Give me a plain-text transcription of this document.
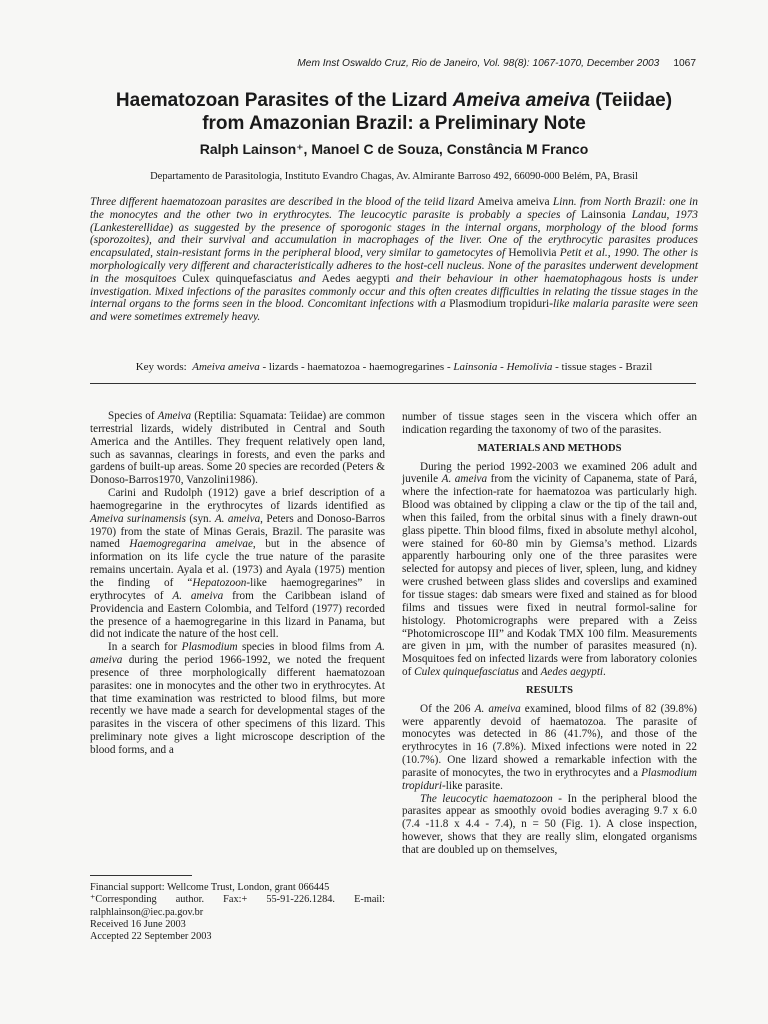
Mem Inst Oswaldo Cruz, Rio de Janeiro, Vol. 98(8): 1067-1070, December 2003 1067
Haematozoan Parasites of the Lizard Ameiva ameiva (Teiidae)
from Amazonian Brazil: a Preliminary Note
Ralph Lainson⁺, Manoel C de Souza, Constância M Franco
Departamento de Parasitologia, Instituto Evandro Chagas, Av. Almirante Barroso 492, 66090-000 Belém, PA, Brasil
Three different haematozoan parasites are described in the blood of the teiid lizard Ameiva ameiva Linn. from North Brazil: one in the monocytes and the other two in erythrocytes. The leucocytic parasite is probably a species of Lainsonia Landau, 1973 (Lankesterellidae) as suggested by the presence of sporogonic stages in the internal organs, morphology of the blood forms (sporozoites), and their survival and accumulation in macrophages of the liver. One of the erythrocytic parasites produces encapsulated, stain-resistant forms in the peripheral blood, very similar to gametocytes of Hemolivia Petit et al., 1990. The other is morphologically very different and characteristically adheres to the host-cell nucleus. None of the parasites underwent development in the mosquitoes Culex quinquefasciatus and Aedes aegypti and their behaviour in other haematophagous hosts is under investigation. Mixed infections of the parasites commonly occur and this often creates difficulties in relating the tissue stages in the internal organs to the forms seen in the blood. Concomitant infections with a Plasmodium tropiduri-like malaria parasite were seen and were sometimes extremely heavy.
Key words: Ameiva ameiva - lizards - haematozoa - haemogregarines - Lainsonia - Hemolivia - tissue stages - Brazil

Species of Ameiva (Reptilia: Squamata: Teiidae) are common terrestrial lizards, widely distributed in Central and South America and the Antilles. They frequent relatively open land, such as savannas, clearings in forests, and even the parks and gardens of built-up areas. Some 20 species are recorded (Peters & Donoso-Barros1970, Vanzolini1986).

Carini and Rudolph (1912) gave a brief description of a haemogregarine in the erythrocytes of lizards identified as Ameiva surinamensis (syn. A. ameiva, Peters and Donoso-Barros 1970) from the state of Minas Gerais, Brazil. The parasite was named Haemogregarina ameivae, but in the absence of information on its life cycle the true nature of the parasite remains uncertain. Ayala et al. (1973) and Ayala (1975) mention the finding of “Hepatozoon-like haemogregarines” in erythrocytes of A. ameiva from the Caribbean island of Providencia and Eastern Colombia, and Telford (1977) recorded the presence of a haemogregarine in this lizard in Panama, but did not indicate the nature of the host cell.

In a search for Plasmodium species in blood films from A. ameiva during the period 1966-1992, we noted the frequent presence of three morphologically different haematozoan parasites: one in monocytes and the other two in erythrocytes. At that time examination was restricted to blood films, but more recently we have made a search for developmental stages of the parasites in the viscera of other specimens of this lizard. This preliminary note gives a light microscope description of the blood forms, and a

Financial support: Wellcome Trust, London, grant 066445
⁺Corresponding author. Fax:+ 55-91-226.1284. E-mail: ralphlainson@iec.pa.gov.br
Received 16 June 2003
Accepted 22 September 2003

number of tissue stages seen in the viscera which offer an indication regarding the taxonomy of two of the parasites.

MATERIALS AND METHODS

During the period 1992-2003 we examined 206 adult and juvenile A. ameiva from the vicinity of Capanema, state of Pará, where the infection-rate for haematozoa was particularly high. Blood was obtained by clipping a claw or the tip of the tail and, when this failed, from the orbital sinus with a finely drawn-out glass pipette. Thin blood films, fixed in absolute methyl alcohol, were stained for 60-80 min by Giemsa’s method. Lizards apparently harbouring only one of the three parasites were selected for autopsy and pieces of liver, spleen, lung, and kidney were crushed between glass slides and coverslips and examined for tissue stages: dab smears were fixed and stained as for blood films and tissues were fixed in neutral formol-saline for histology. Photomicrographs were prepared with a Zeiss “Photomicroscope III” and Kodak TMX 100 film. Measurements are given in µm, with the number of parasites measured (n). Mosquitoes fed on infected lizards were from laboratory colonies of Culex quinquefasciatus and Aedes aegypti.

RESULTS

Of the 206 A. ameiva examined, blood films of 82 (39.8%) were apparently devoid of haematozoa. The parasite of monocytes was detected in 86 (41.7%), and those of the erythrocytes in 16 (7.8%). Mixed infections were noted in 22 (10.7%). One lizard showed a remarkable infection with the parasite of monocytes, the two in erythrocytes and a Plasmodium tropiduri-like parasite.

The leucocytic haematozoon - In the peripheral blood the parasites appear as smoothly ovoid bodies averaging 9.7 x 6.0 (7.4 -11.8 x 4.4 - 7.4), n = 50 (Fig. 1). A close inspection, however, shows that they are really slim, elongated organisms that are doubled up on themselves,
